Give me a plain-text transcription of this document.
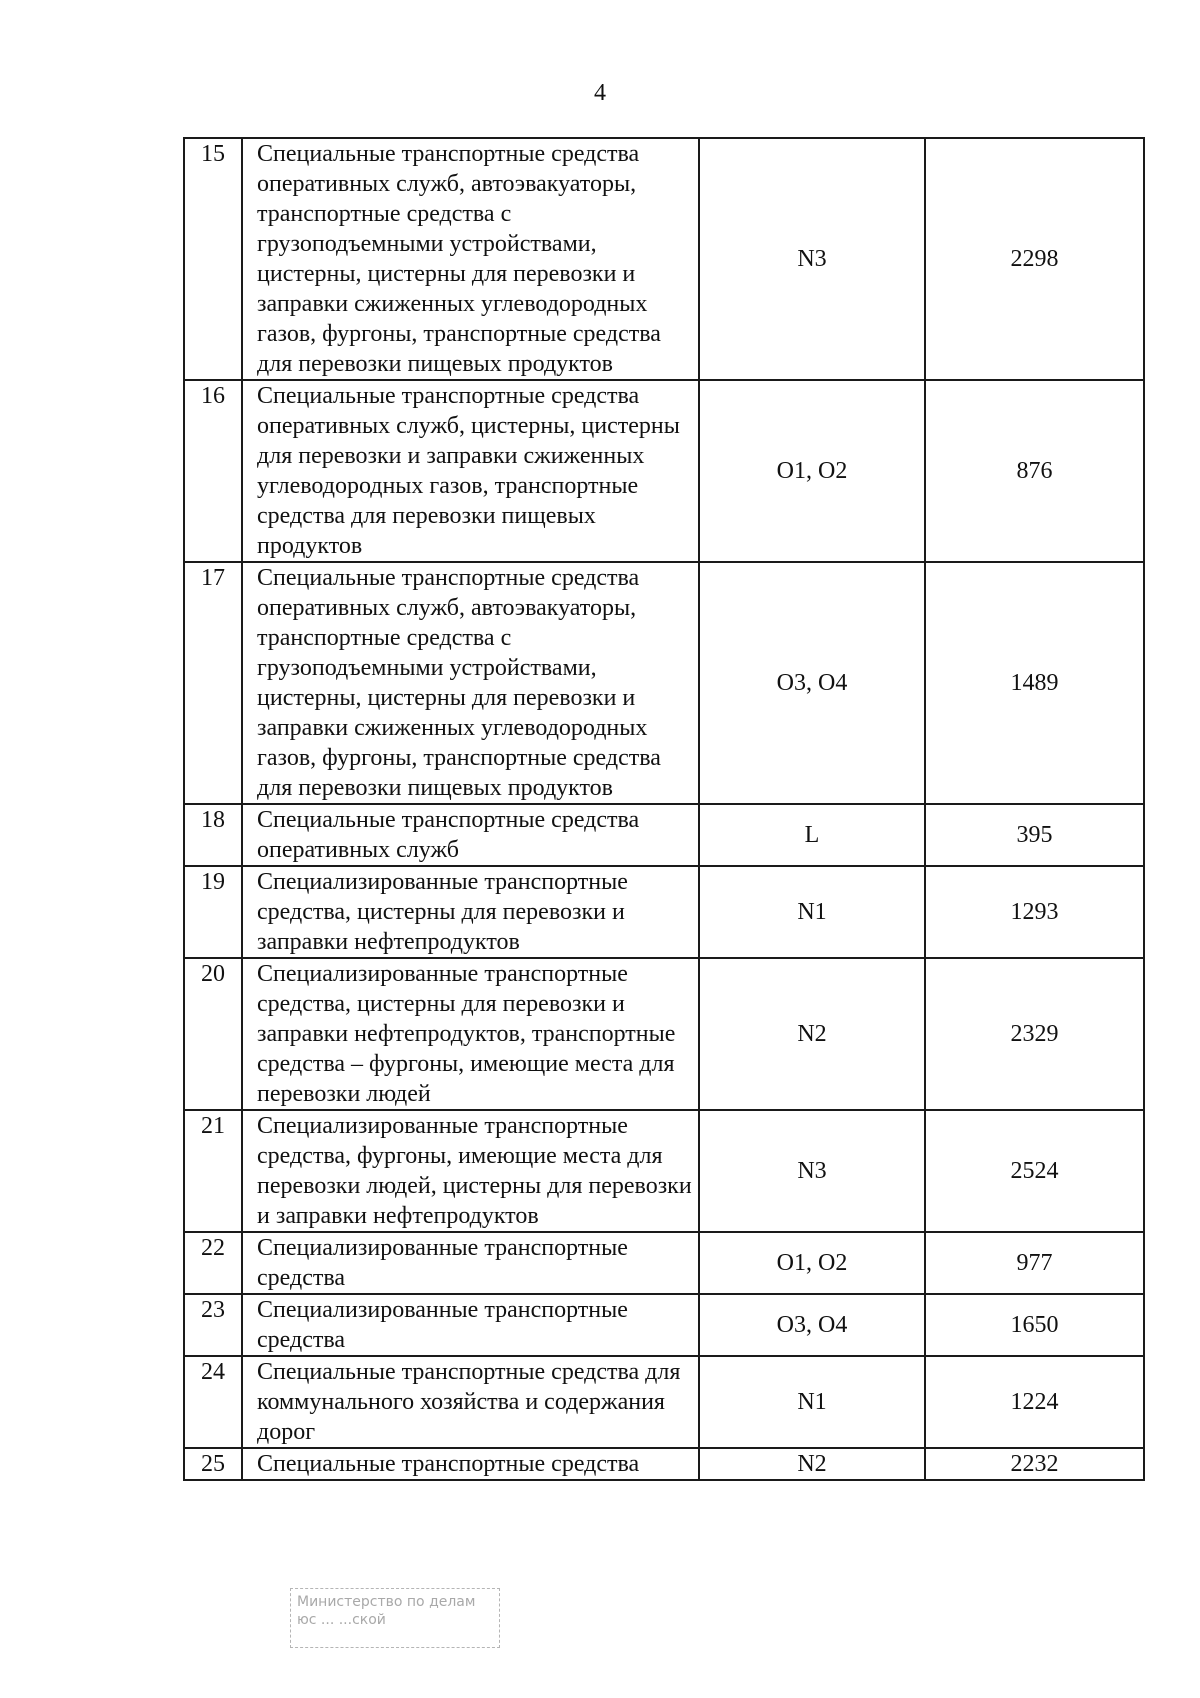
4
15	Специальные транспортные средства оперативных служб, автоэвакуаторы, транспортные средства с грузоподъемными устройствами, цистерны, цистерны для перевозки и заправки сжиженных углеводородных газов, фургоны, транспортные средства для перевозки пищевых продуктов	N3	2298
16	Специальные транспортные средства оперативных служб, цистерны, цистерны для перевозки и заправки сжиженных углеводородных газов, транспортные средства для перевозки пищевых продуктов	O1, O2	876
17	Специальные транспортные средства оперативных служб, автоэвакуаторы, транспортные средства с грузоподъемными устройствами, цистерны, цистерны для перевозки и заправки сжиженных углеводородных газов, фургоны, транспортные средства для перевозки пищевых продуктов	O3, O4	1489
18	Специальные транспортные средства оперативных служб	L	395
19	Специализированные транспортные средства, цистерны для перевозки и заправки нефтепродуктов	N1	1293
20	Специализированные транспортные средства, цистерны для перевозки и заправки нефтепродуктов, транспортные средства – фургоны, имеющие места для перевозки людей	N2	2329
21	Специализированные транспортные средства, фургоны, имеющие места для перевозки людей, цистерны для перевозки и заправки нефтепродуктов	N3	2524
22	Специализированные транспортные средства	O1, O2	977
23	Специализированные транспортные средства	O3, O4	1650
24	Специальные транспортные средства для коммунального хозяйства и содержания дорог	N1	1224
25	Специальные транспортные средства	N2	2232
Министерство по делам
юс ... ...ской
